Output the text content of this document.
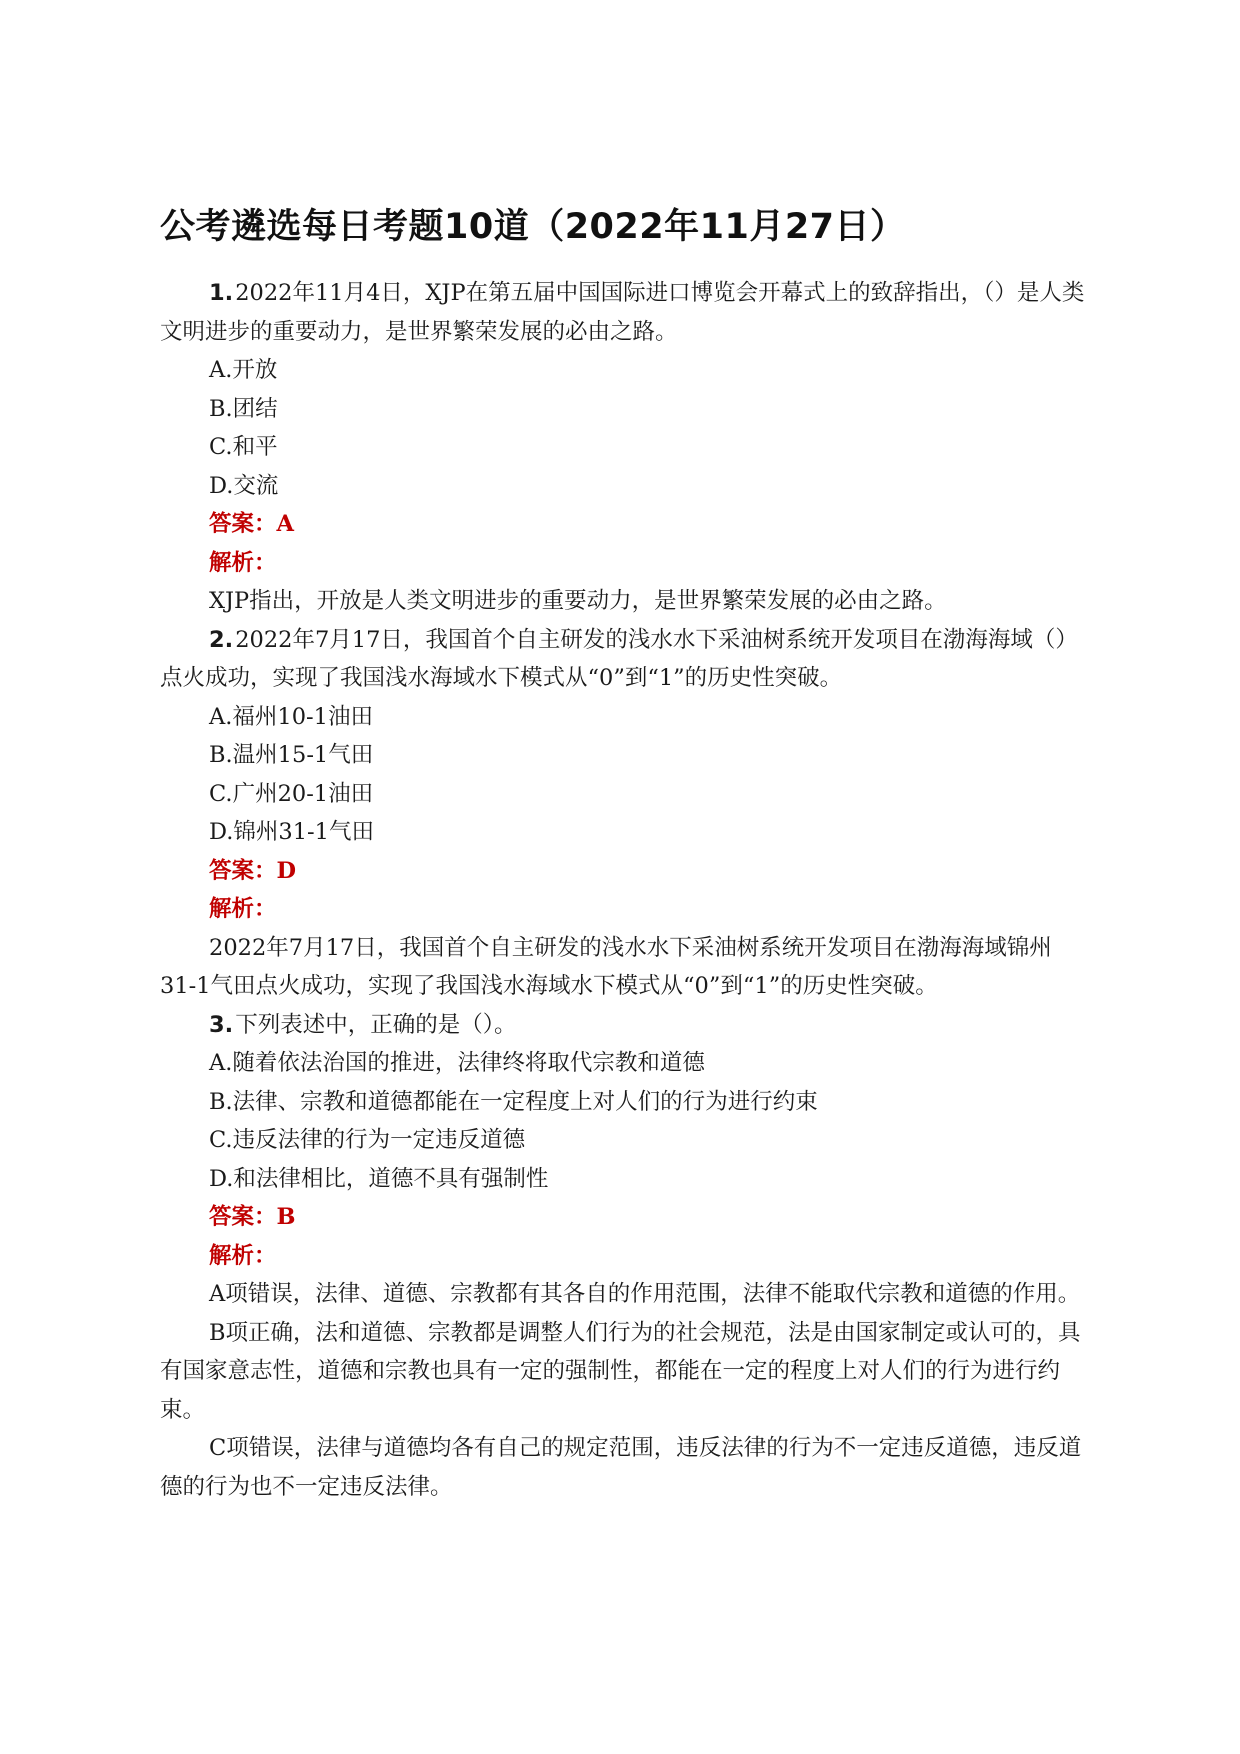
公考遴选每日考题10道（2022年11月27日）

1.2022年11月4日，XJP在第五届中国国际进口博览会开幕式上的致辞指出，（）是人类文明进步的重要动力，是世界繁荣发展的必由之路。

A.开放

B.团结

C.和平

D.交流

答案：A

解析：

XJP指出，开放是人类文明进步的重要动力，是世界繁荣发展的必由之路。

2.2022年7月17日，我国首个自主研发的浅水水下采油树系统开发项目在渤海海域（）点火成功，实现了我国浅水海域水下模式从“0”到“1”的历史性突破。

A.福州10-1油田

B.温州15-1气田

C.广州20-1油田

D.锦州31-1气田

答案：D

解析：

2022年7月17日，我国首个自主研发的浅水水下采油树系统开发项目在渤海海域锦州31-1气田点火成功，实现了我国浅水海域水下模式从“0”到“1”的历史性突破。

3.下列表述中，正确的是（）。

A.随着依法治国的推进，法律终将取代宗教和道德

B.法律、宗教和道德都能在一定程度上对人们的行为进行约束

C.违反法律的行为一定违反道德

D.和法律相比，道德不具有强制性

答案：B

解析：

A项错误，法律、道德、宗教都有其各自的作用范围，法律不能取代宗教和道德的作用。

B项正确，法和道德、宗教都是调整人们行为的社会规范，法是由国家制定或认可的，具有国家意志性，道德和宗教也具有一定的强制性，都能在一定的程度上对人们的行为进行约束。

C项错误，法律与道德均各有自己的规定范围，违反法律的行为不一定违反道德，违反道德的行为也不一定违反法律。
